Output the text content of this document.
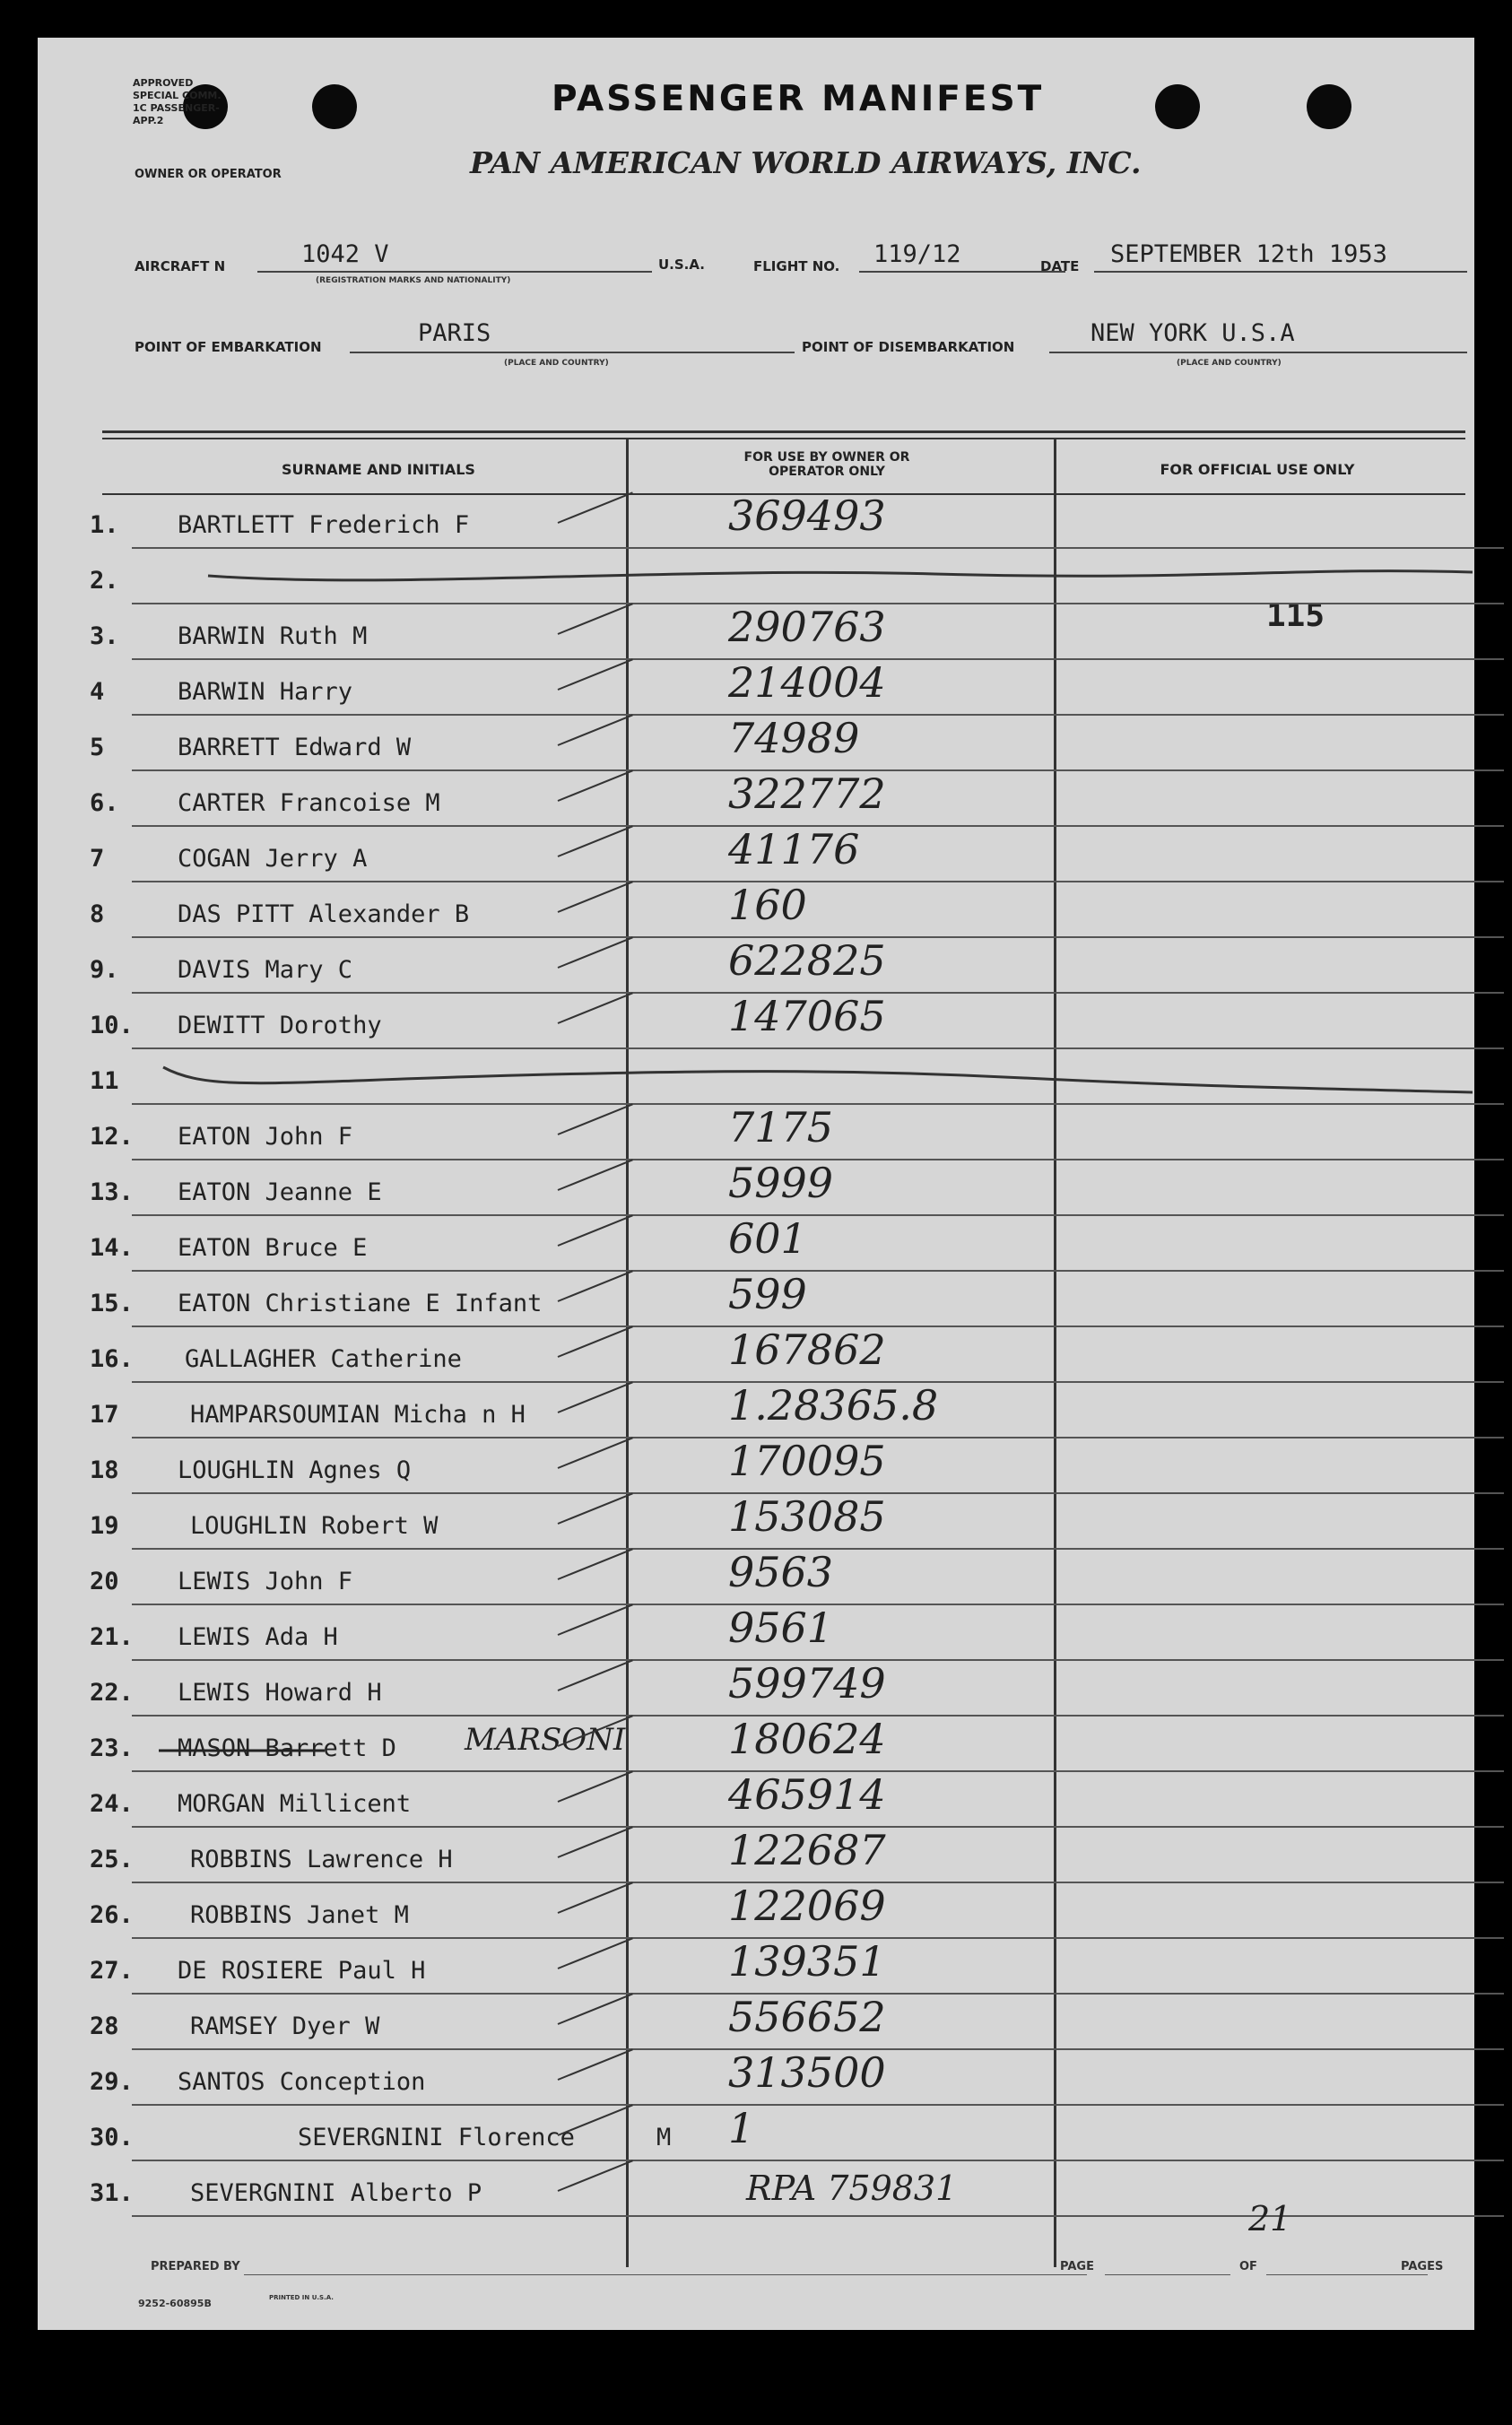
APPROVED SPECIAL COMM. 1C PASSENGER-APP.2
PASSENGER MANIFEST
OWNER OR OPERATOR	PAN AMERICAN WORLD AIRWAYS, INC.
AIRCRAFT N	1042 V
(REGISTRATION MARKS AND NATIONALITY)
U.S.A.	FLIGHT NO. 119/12	DATE SEPTEMBER 12th 1953
POINT OF EMBARKATION	PARIS
(PLACE AND COUNTRY)
POINT OF DISEMBARKATION	NEW YORK U.S.A
(PLACE AND COUNTRY)
SURNAME AND INITIALS
FOR USE BY OWNER OR OPERATOR ONLY	FOR OFFICIAL USE ONLY
115
1. BARTLETT Frederich F	369493
2.
3. BARWIN Ruth M	290763
4	BARWIN Harry	214004
5	BARRETT Edward W	74989
6. CARTER Francoise M	322772
7	COGAN Jerry A	41176
8	DAS PITT Alexander B	160
9. DAVIS Mary C	622825
10. DEWITT Dorothy	147065
11
12. EATON John F	7175
13. EATON Jeanne E	5999
14. EATON Bruce E	601
15. EATON Christiane E Infant	599
16. GALLAGHER Catherine	167862
17	HAMPARSOUMIAN Micha n H	1.28365.8
18 LOUGHLIN Agnes Q	170095
19	LOUGHLIN Robert W	153085
20 LEWIS John F	9563
21. LEWIS Ada H	9561
22. LEWIS Howard H	599749
23. MASON Barrett D MARSONI 180624
24. MORGAN Millicent	465914
25. ROBBINS Lawrence H	122687
26. ROBBINS Janet M	122069
27. DE ROSIERE Paul H	139351
28	RAMSEY Dyer W	556652
29. SANTOS Conception	313500
30.	SEVERGNINI Florence	M 1
31. SEVERGNINI Alberto P	RPA 759831
PREPARED BY	PAGE	OF	PAGES
21
9252-60895B	PRINTED IN U.S.A.
